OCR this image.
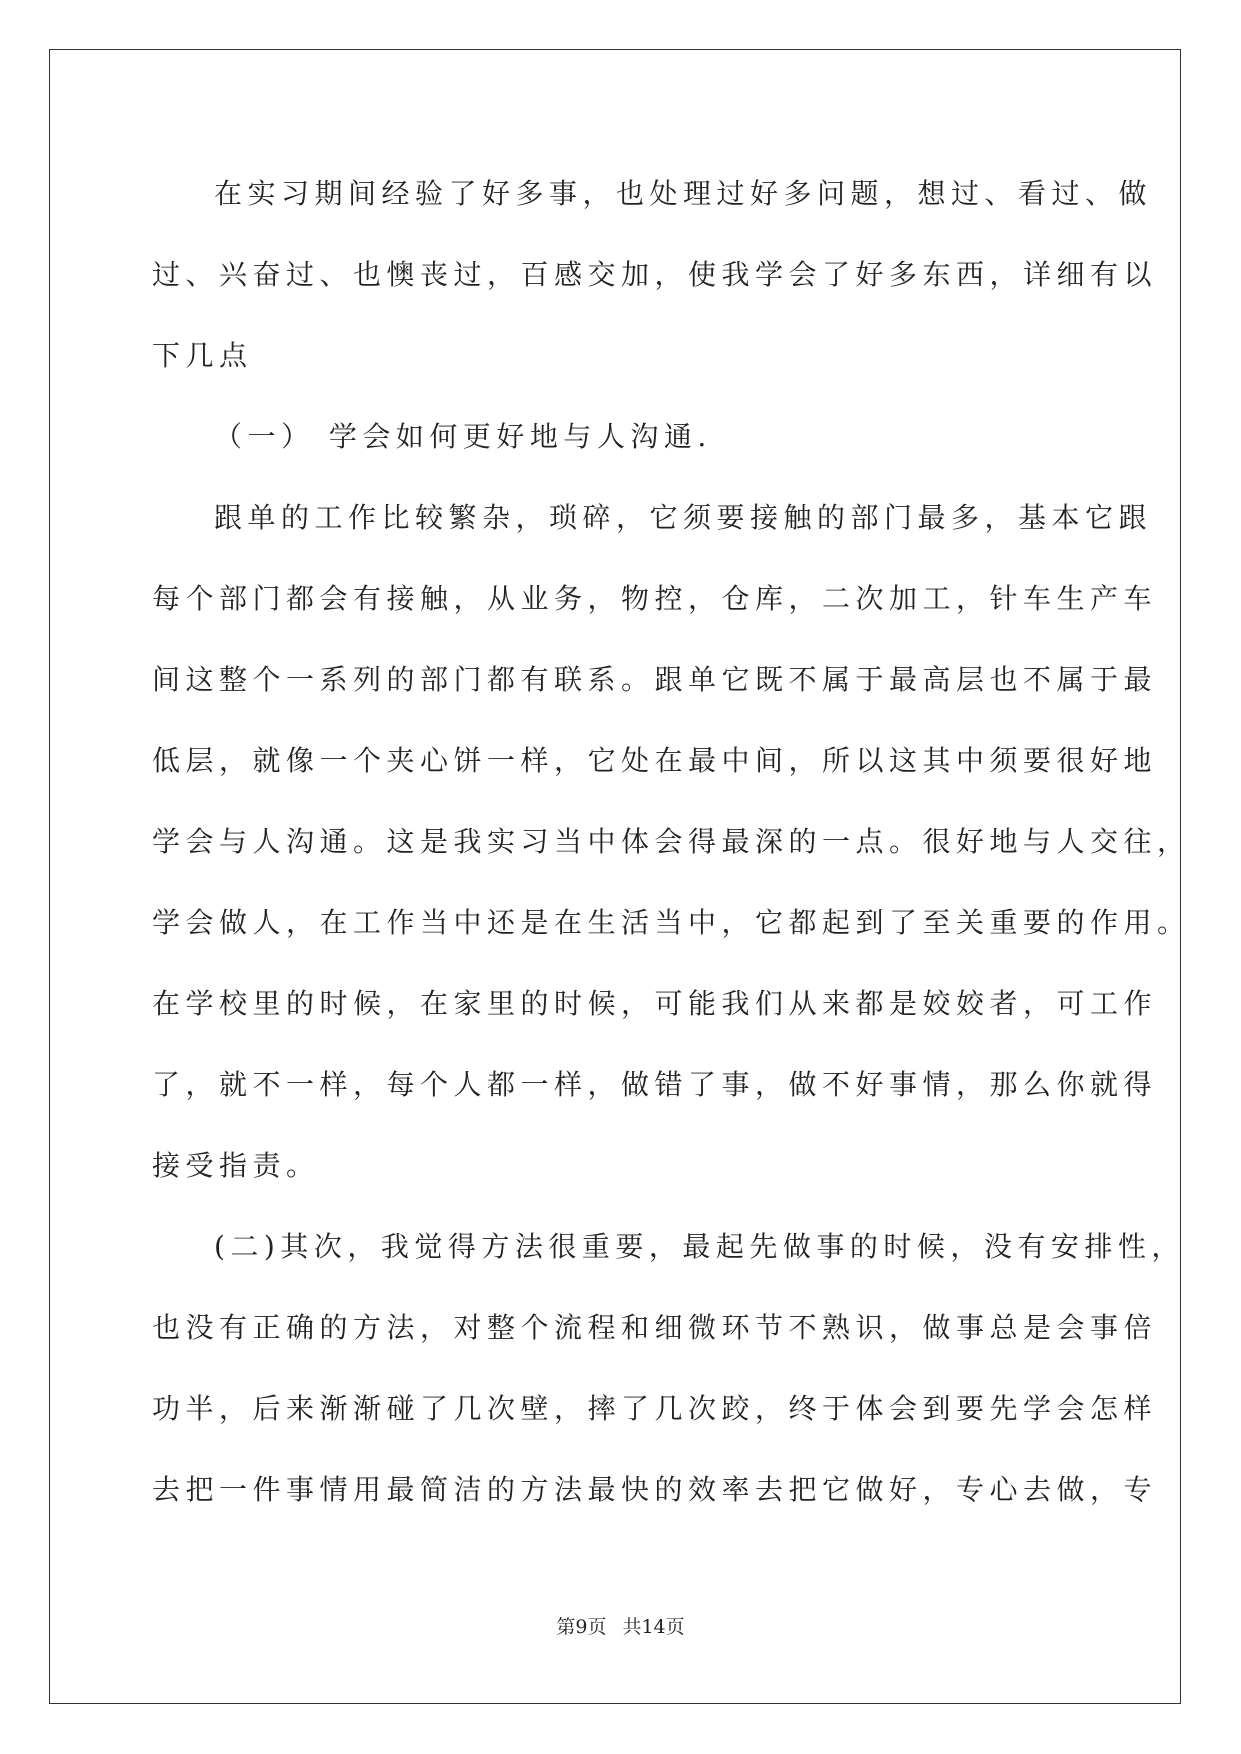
在实习期间经验了好多事，也处理过好多问题，想过、看过、做
过、兴奋过、也懊丧过，百感交加，使我学会了好多东西，详细有以
下几点
（一） 学会如何更好地与人沟通.
跟单的工作比较繁杂，琐碎，它须要接触的部门最多，基本它跟
每个部门都会有接触，从业务，物控，仓库，二次加工，针车生产车
间这整个一系列的部门都有联系。跟单它既不属于最高层也不属于最
低层，就像一个夹心饼一样，它处在最中间，所以这其中须要很好地
学会与人沟通。这是我实习当中体会得最深的一点。很好地与人交往，
学会做人，在工作当中还是在生活当中，它都起到了至关重要的作用。
在学校里的时候，在家里的时候，可能我们从来都是姣姣者，可工作
了，就不一样，每个人都一样，做错了事，做不好事情，那么你就得
接受指责。
(二)其次，我觉得方法很重要，最起先做事的时候，没有安排性，
也没有正确的方法，对整个流程和细微环节不熟识，做事总是会事倍
功半，后来渐渐碰了几次壁，摔了几次跤，终于体会到要先学会怎样
去把一件事情用最简洁的方法最快的效率去把它做好，专心去做，专
第9页 共14页
